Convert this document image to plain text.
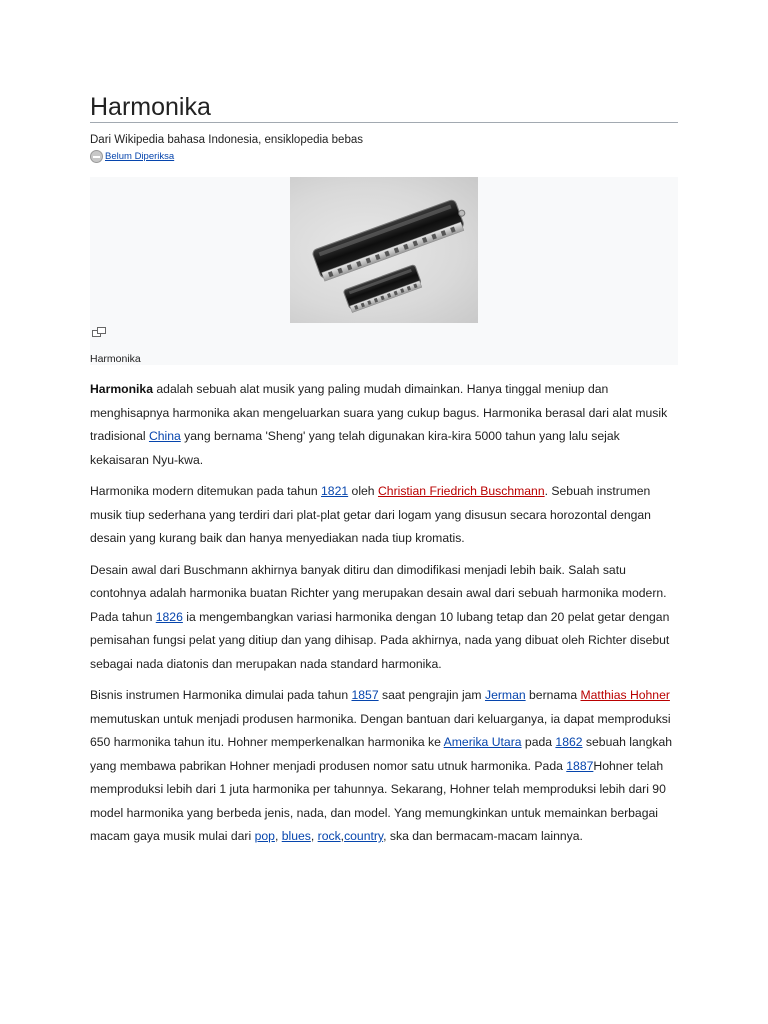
Harmonika
Dari Wikipedia bahasa Indonesia, ensiklopedia bebas
Belum Diperiksa
Harmonika

Harmonika adalah sebuah alat musik yang paling mudah dimainkan. Hanya tinggal meniup dan menghisapnya harmonika akan mengeluarkan suara yang cukup bagus. Harmonika berasal dari alat musik tradisional China yang bernama 'Sheng' yang telah digunakan kira-kira 5000 tahun yang lalu sejak kekaisaran Nyu-kwa.

Harmonika modern ditemukan pada tahun 1821 oleh Christian Friedrich Buschmann. Sebuah instrumen musik tiup sederhana yang terdiri dari plat-plat getar dari logam yang disusun secara horozontal dengan desain yang kurang baik dan hanya menyediakan nada tiup kromatis.

Desain awal dari Buschmann akhirnya banyak ditiru dan dimodifikasi menjadi lebih baik. Salah satu contohnya adalah harmonika buatan Richter yang merupakan desain awal dari sebuah harmonika modern. Pada tahun 1826 ia mengembangkan variasi harmonika dengan 10 lubang tetap dan 20 pelat getar dengan pemisahan fungsi pelat yang ditiup dan yang dihisap. Pada akhirnya, nada yang dibuat oleh Richter disebut sebagai nada diatonis dan merupakan nada standard harmonika.

Bisnis instrumen Harmonika dimulai pada tahun 1857 saat pengrajin jam Jerman bernama Matthias Hohner memutuskan untuk menjadi produsen harmonika. Dengan bantuan dari keluarganya, ia dapat memproduksi 650 harmonika tahun itu. Hohner memperkenalkan harmonika ke Amerika Utara pada 1862 sebuah langkah yang membawa pabrikan Hohner menjadi produsen nomor satu utnuk harmonika. Pada 1887Hohner telah memproduksi lebih dari 1 juta harmonika per tahunnya. Sekarang, Hohner telah memproduksi lebih dari 90 model harmonika yang berbeda jenis, nada, dan model. Yang memungkinkan untuk memainkan berbagai macam gaya musik mulai dari pop, blues, rock,country, ska dan bermacam-macam lainnya.
